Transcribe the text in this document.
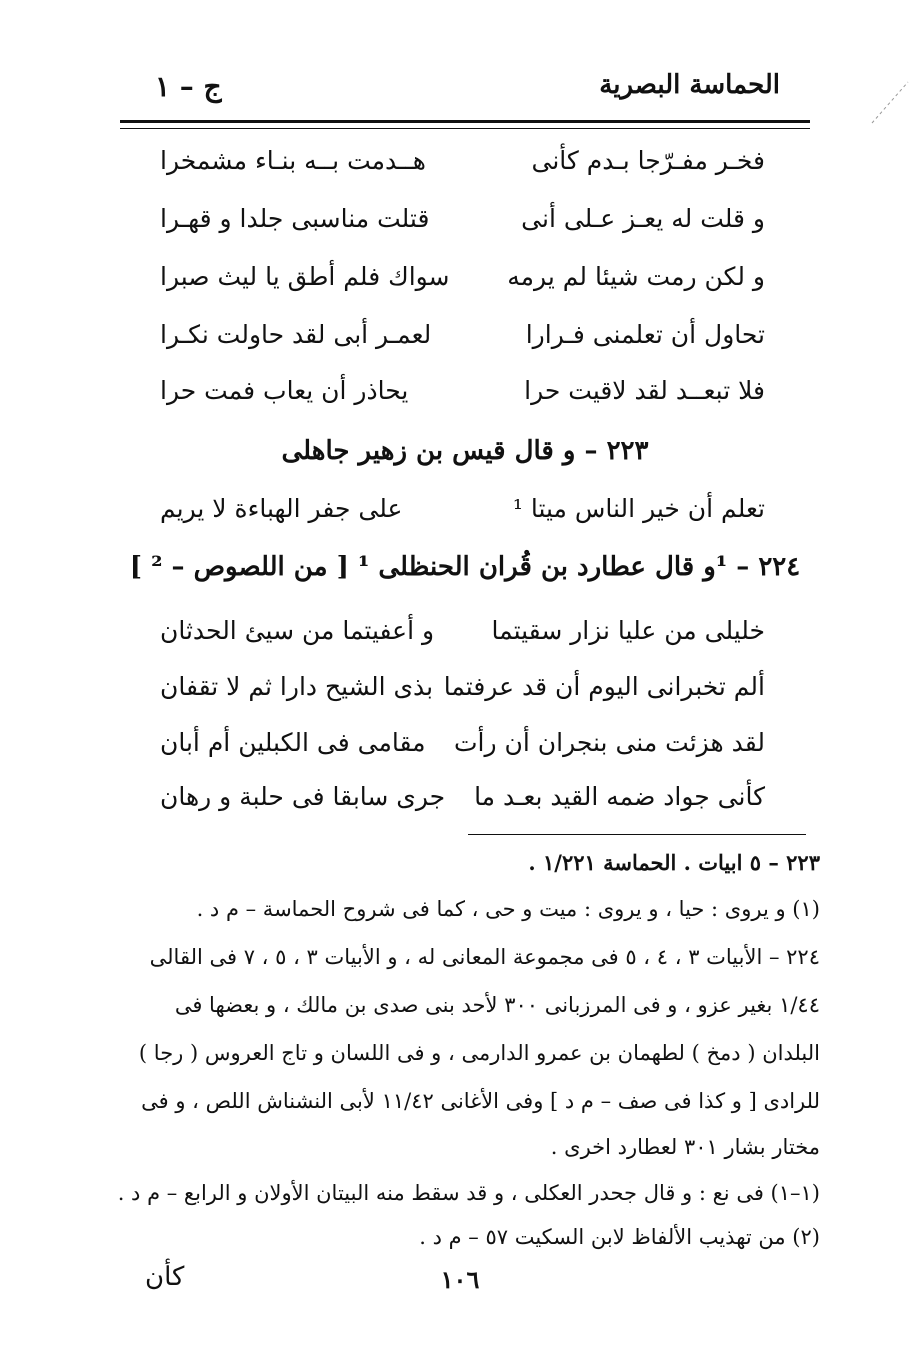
الحماسة البصرية
ج – ١
فخـر مفـرّجا بـدم كأنى
هــدمت بــه بنـاء مشمخرا
و قلت له يعـز عـلى أنى
قتلت مناسبى جلدا و قهـرا
و لكن رمت شيئا لم يرمه
سواك فلم أطق يا ليث صبرا
تحاول أن تعلمنى فـرارا
لعمـر أبى لقد حاولت نكـرا
فلا تبعــد لقد لاقيت حرا
يحاذر أن يعاب فمت حرا
٢٢٣ – و قال قيس بن زهير جاهلى
تعلم أن خير الناس ميتا ¹
على جفر الهباءة لا يريم
٢٢٤ – ¹و قال عطارد بن قُران الحنظلى ¹ [ من اللصوص – ² ]
خليلى من عليا نزار سقيتما
و أعفيتما من سيئ الحدثان
ألم تخبرانى اليوم أن قد عرفتما
بذى الشيح دارا ثم لا تقفان
لقد هزئت منى بنجران أن رأت
مقامى فى الكبلين أم أبان
كأنى جواد ضمه القيد بعـد ما
جرى سابقا فى حلبة و رهان
٢٢٣ – ٥ ابيات . الحماسة ١/٢٢١ .
(١) و يروى : حيا ، و يروى : ميت و حى ، كما فى شروح الحماسة – م د .
٢٢٤ – الأبيات ٣ ، ٤ ، ٥ فى مجموعة المعانى له ، و الأبيات ٣ ، ٥ ، ٧ فى القالى
١/٤٤ بغير عزو ، و فى المرزبانى ٣٠٠ لأحد بنى صدى بن مالك ، و بعضها فى
البلدان ( دمخ ) لطهمان بن عمرو الدارمى ، و فى اللسان و تاج العروس ( رجا )
للرادى [ و كذا فى صف – م د ] وفى الأغانى ١١/٤٢ لأبى النشناش اللص ، و فى
مختار بشار ٣٠١ لعطارد اخرى .
(١–١) فى نع : و قال جحدر العكلى ، و قد سقط منه البيتان الأولان و الرابع – م د .
(٢) من تهذيب الألفاظ لابن السكيت ٥٧ – م د .
١٠٦
كأن
